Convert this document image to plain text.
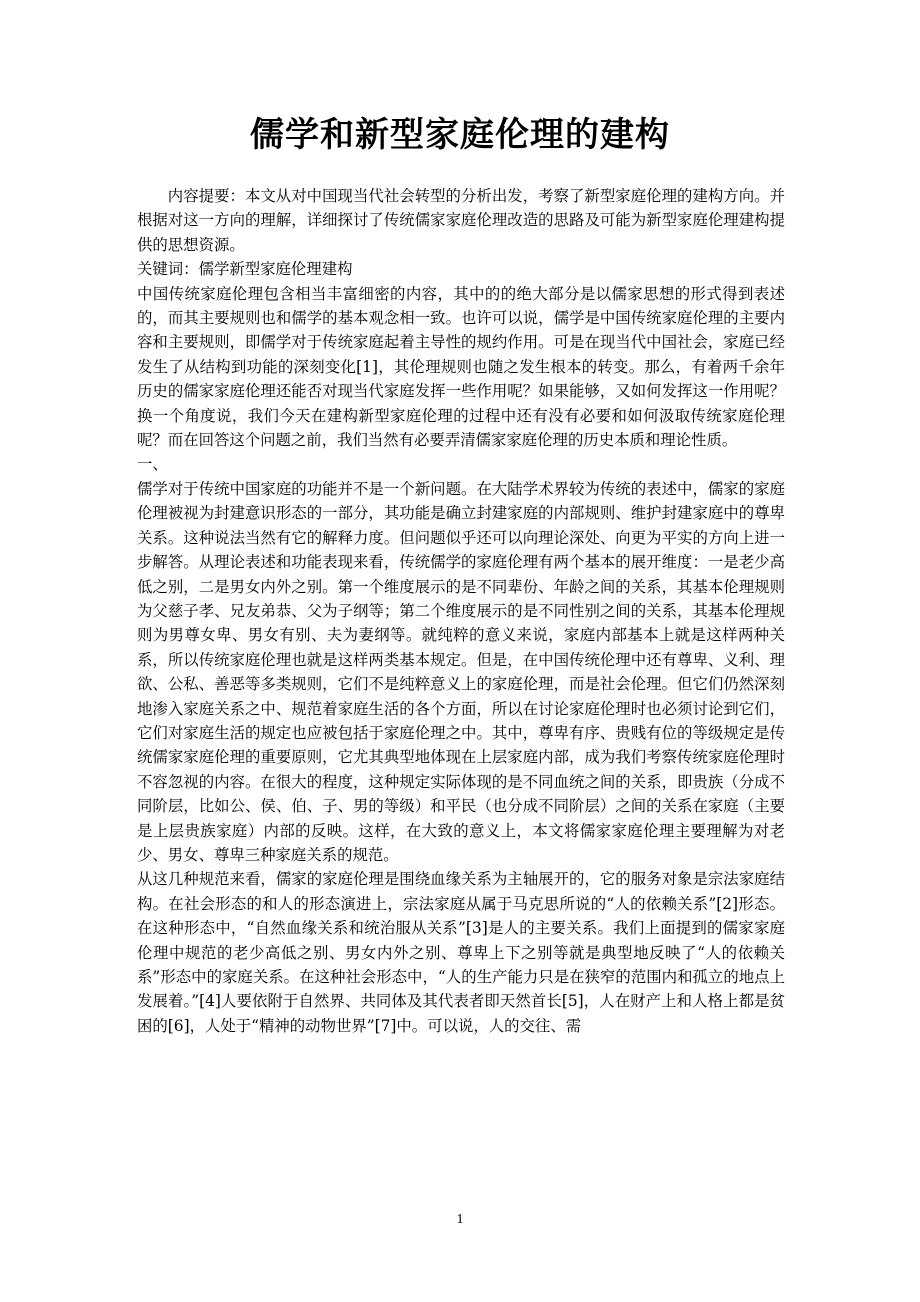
儒学和新型家庭伦理的建构

内容提要：本文从对中国现当代社会转型的分析出发，考察了新型家庭伦理的建构方向。并根据对这一方向的理解，详细探讨了传统儒家家庭伦理改造的思路及可能为新型家庭伦理建构提供的思想资源。

关键词：儒学新型家庭伦理建构

中国传统家庭伦理包含相当丰富细密的内容，其中的的绝大部分是以儒家思想的形式得到表述的，而其主要规则也和儒学的基本观念相一致。也许可以说，儒学是中国传统家庭伦理的主要内容和主要规则，即儒学对于传统家庭起着主导性的规约作用。可是在现当代中国社会，家庭已经发生了从结构到功能的深刻变化[1]，其伦理规则也随之发生根本的转变。那么，有着两千余年历史的儒家家庭伦理还能否对现当代家庭发挥一些作用呢？如果能够，又如何发挥这一作用呢？换一个角度说，我们今天在建构新型家庭伦理的过程中还有没有必要和如何汲取传统家庭伦理呢？而在回答这个问题之前，我们当然有必要弄清儒家家庭伦理的历史本质和理论性质。

一、

儒学对于传统中国家庭的功能并不是一个新问题。在大陆学术界较为传统的表述中，儒家的家庭伦理被视为封建意识形态的一部分，其功能是确立封建家庭的内部规则、维护封建家庭中的尊卑关系。这种说法当然有它的解释力度。但问题似乎还可以向理论深处、向更为平实的方向上进一步解答。从理论表述和功能表现来看，传统儒学的家庭伦理有两个基本的展开维度：一是老少高低之别，二是男女内外之别。第一个维度展示的是不同辈份、年龄之间的关系，其基本伦理规则为父慈子孝、兄友弟恭、父为子纲等；第二个维度展示的是不同性别之间的关系，其基本伦理规则为男尊女卑、男女有别、夫为妻纲等。就纯粹的意义来说，家庭内部基本上就是这样两种关系，所以传统家庭伦理也就是这样两类基本规定。但是，在中国传统伦理中还有尊卑、义利、理欲、公私、善恶等多类规则，它们不是纯粹意义上的家庭伦理，而是社会伦理。但它们仍然深刻地渗入家庭关系之中、规范着家庭生活的各个方面，所以在讨论家庭伦理时也必须讨论到它们，它们对家庭生活的规定也应被包括于家庭伦理之中。其中，尊卑有序、贵贱有位的等级规定是传统儒家家庭伦理的重要原则，它尤其典型地体现在上层家庭内部，成为我们考察传统家庭伦理时不容忽视的内容。在很大的程度，这种规定实际体现的是不同血统之间的关系，即贵族（分成不同阶层，比如公、侯、伯、子、男的等级）和平民（也分成不同阶层）之间的关系在家庭（主要是上层贵族家庭）内部的反映。这样，在大致的意义上，本文将儒家家庭伦理主要理解为对老少、男女、尊卑三种家庭关系的规范。

从这几种规范来看，儒家的家庭伦理是围绕血缘关系为主轴展开的，它的服务对象是宗法家庭结构。在社会形态的和人的形态演进上，宗法家庭从属于马克思所说的“人的依赖关系”[2]形态。在这种形态中，“自然血缘关系和统治服从关系”[3]是人的主要关系。我们上面提到的儒家家庭伦理中规范的老少高低之别、男女内外之别、尊卑上下之别等就是典型地反映了“人的依赖关系”形态中的家庭关系。在这种社会形态中，“人的生产能力只是在狭窄的范围内和孤立的地点上发展着。”[4]人要依附于自然界、共同体及其代表者即天然首长[5]，人在财产上和人格上都是贫困的[6]，人处于“精神的动物世界”[7]中。可以说，人的交往、需

1
